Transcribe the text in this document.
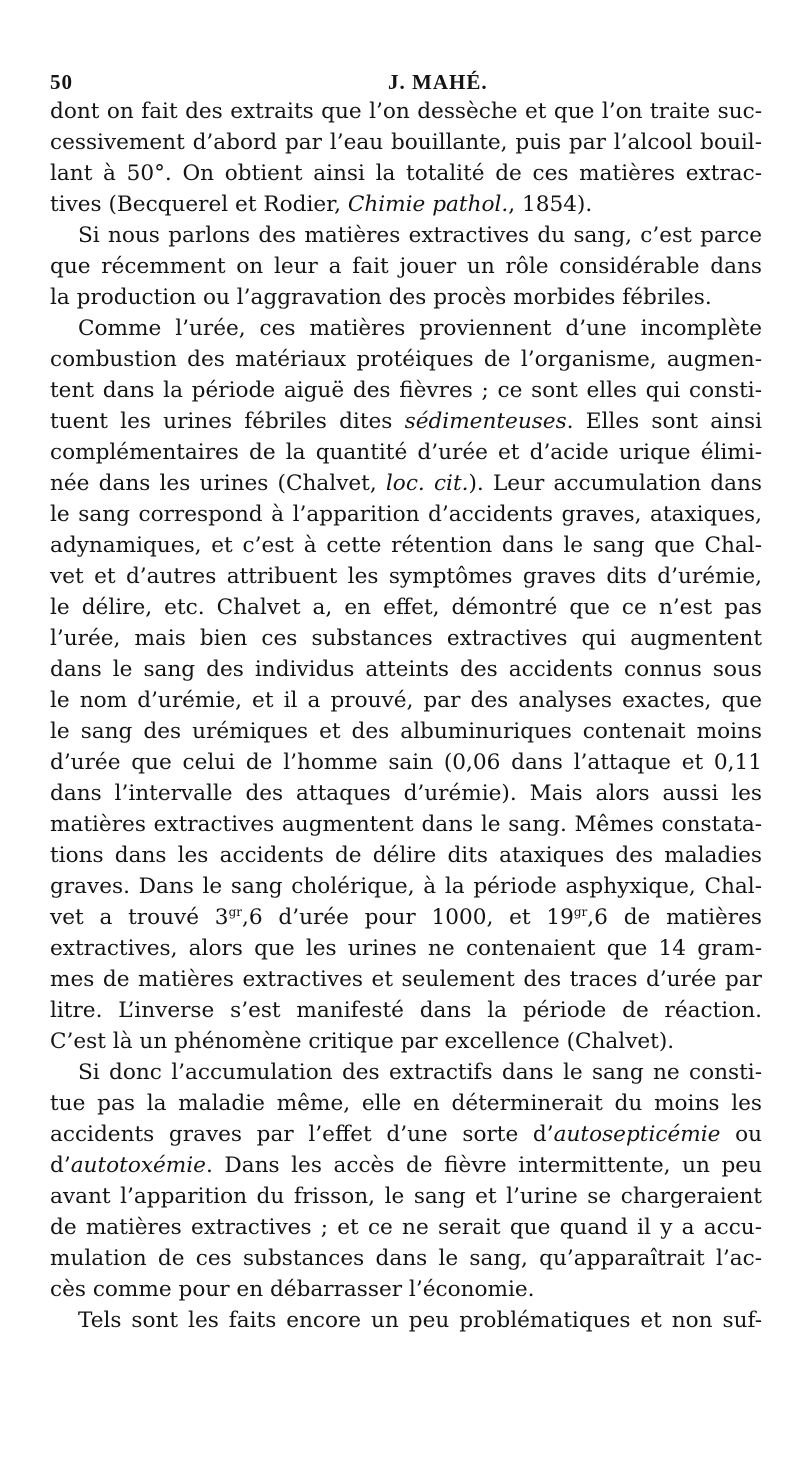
50	J. MAHÉ.
dont on fait des extraits que l’on dessèche et que l’on traite suc-
cessivement d’abord par l’eau bouillante, puis par l’alcool bouil-
lant à 50°. On obtient ainsi la totalité de ces matières extrac-
tives (Becquerel et Rodier, Chimie pathol., 1854).
Si nous parlons des matières extractives du sang, c’est parce
que récemment on leur a fait jouer un rôle considérable dans
la production ou l’aggravation des procès morbides fébriles.
Comme l’urée, ces matières proviennent d’une incomplète
combustion des matériaux protéiques de l’organisme, augmen-
tent dans la période aiguë des fièvres ; ce sont elles qui consti-
tuent les urines fébriles dites sédimenteuses. Elles sont ainsi
complémentaires de la quantité d’urée et d’acide urique élimi-
née dans les urines (Chalvet, loc. cit.). Leur accumulation dans
le sang correspond à l’apparition d’accidents graves, ataxiques,
adynamiques, et c’est à cette rétention dans le sang que Chal-
vet et d’autres attribuent les symptômes graves dits d’urémie,
le délire, etc. Chalvet a, en effet, démontré que ce n’est pas
l’urée, mais bien ces substances extractives qui augmentent
dans le sang des individus atteints des accidents connus sous
le nom d’urémie, et il a prouvé, par des analyses exactes, que
le sang des urémiques et des albuminuriques contenait moins
d’urée que celui de l’homme sain (0,06 dans l’attaque et 0,11
dans l’intervalle des attaques d’urémie). Mais alors aussi les
matières extractives augmentent dans le sang. Mêmes constata-
tions dans les accidents de délire dits ataxiques des maladies
graves. Dans le sang cholérique, à la période asphyxique, Chal-
vet a trouvé $3^{gr},6$ d’urée pour 1000, et $19^{gr},6$ de matières
extractives, alors que les urines ne contenaient que 14 gram-
mes de matières extractives et seulement des traces d’urée par
litre. L’inverse s’est manifesté dans la période de réaction.
C’est là un phénomène critique par excellence (Chalvet).
Si donc l’accumulation des extractifs dans le sang ne consti-
tue pas la maladie même, elle en déterminerait du moins les
accidents graves par l’effet d’une sorte d’autosepticémie ou
d’autotoxémie. Dans les accès de fièvre intermittente, un peu
avant l’apparition du frisson, le sang et l’urine se chargeraient
de matières extractives ; et ce ne serait que quand il y a accu-
mulation de ces substances dans le sang, qu’apparaîtrait l’ac-
cès comme pour en débarrasser l’économie.
Tels sont les faits encore un peu problématiques et non suf-
